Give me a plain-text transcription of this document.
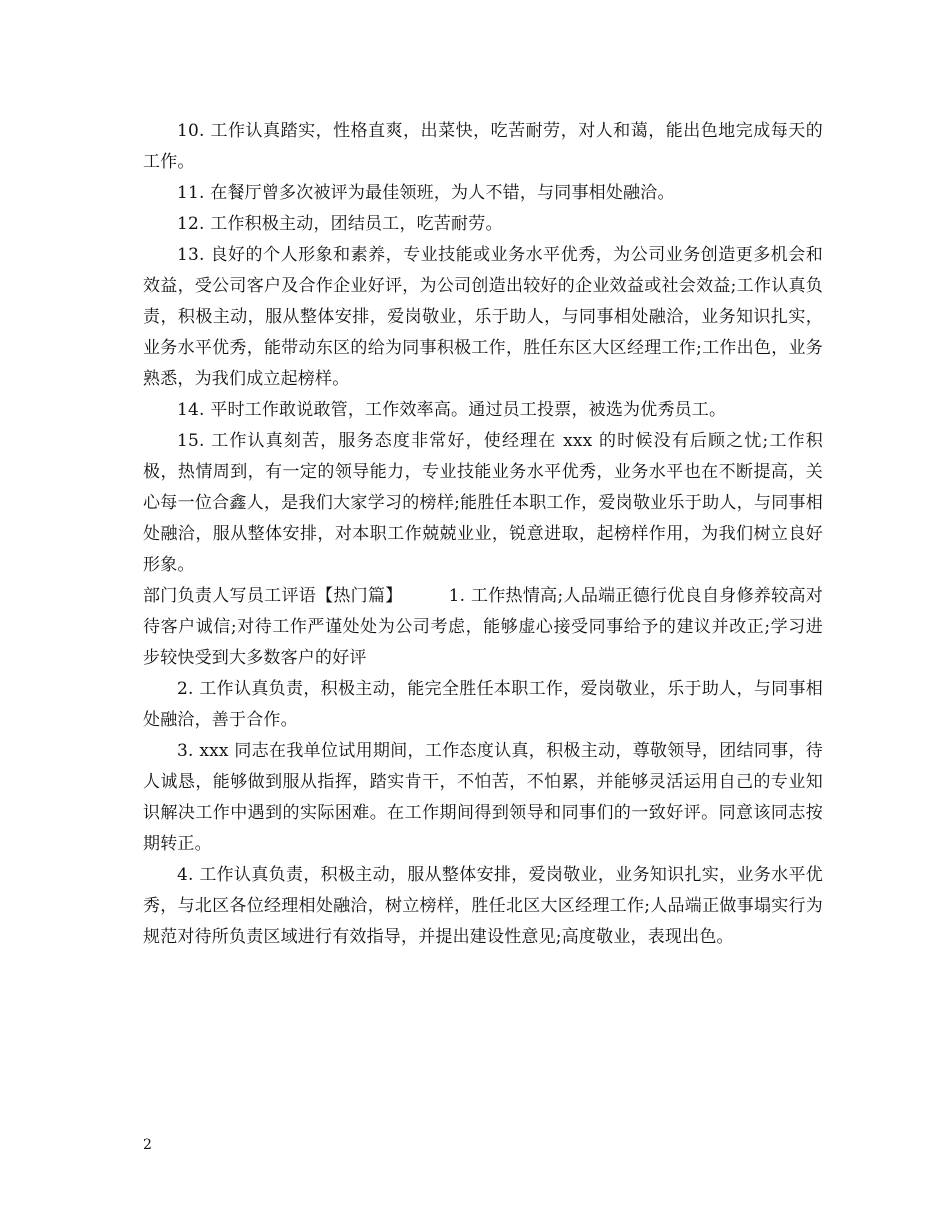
10. 工作认真踏实，性格直爽，出菜快，吃苦耐劳，对人和蔼，能出色地完成每天的工作。

11. 在餐厅曾多次被评为最佳领班，为人不错，与同事相处融洽。

12. 工作积极主动，团结员工，吃苦耐劳。

13. 良好的个人形象和素养，专业技能或业务水平优秀，为公司业务创造更多机会和效益，受公司客户及合作企业好评，为公司创造出较好的企业效益或社会效益;工作认真负责，积极主动，服从整体安排，爱岗敬业，乐于助人，与同事相处融洽，业务知识扎实，业务水平优秀，能带动东区的给为同事积极工作，胜任东区大区经理工作;工作出色，业务熟悉，为我们成立起榜样。

14. 平时工作敢说敢管，工作效率高。通过员工投票，被选为优秀员工。

15. 工作认真刻苦，服务态度非常好，使经理在 xxx 的时候没有后顾之忧;工作积极，热情周到，有一定的领导能力，专业技能业务水平优秀，业务水平也在不断提高，关心每一位合鑫人，是我们大家学习的榜样;能胜任本职工作，爱岗敬业乐于助人，与同事相处融洽，服从整体安排，对本职工作兢兢业业，锐意进取，起榜样作用，为我们树立良好形象。

部门负责人写员工评语【热门篇】	1. 工作热情高;人品端正德行优良自身修养较高对待客户诚信;对待工作严谨处处为公司考虑，能够虚心接受同事给予的建议并改正;学习进步较快受到大多数客户的好评

2. 工作认真负责，积极主动，能完全胜任本职工作，爱岗敬业，乐于助人，与同事相处融洽，善于合作。

3. xxx 同志在我单位试用期间，工作态度认真，积极主动，尊敬领导，团结同事，待人诚恳，能够做到服从指挥，踏实肯干，不怕苦，不怕累，并能够灵活运用自己的专业知识解决工作中遇到的实际困难。在工作期间得到领导和同事们的一致好评。同意该同志按期转正。

4. 工作认真负责，积极主动，服从整体安排，爱岗敬业，业务知识扎实，业务水平优秀，与北区各位经理相处融洽，树立榜样，胜任北区大区经理工作;人品端正做事塌实行为规范对待所负责区域进行有效指导，并提出建设性意见;高度敬业，表现出色。

2
